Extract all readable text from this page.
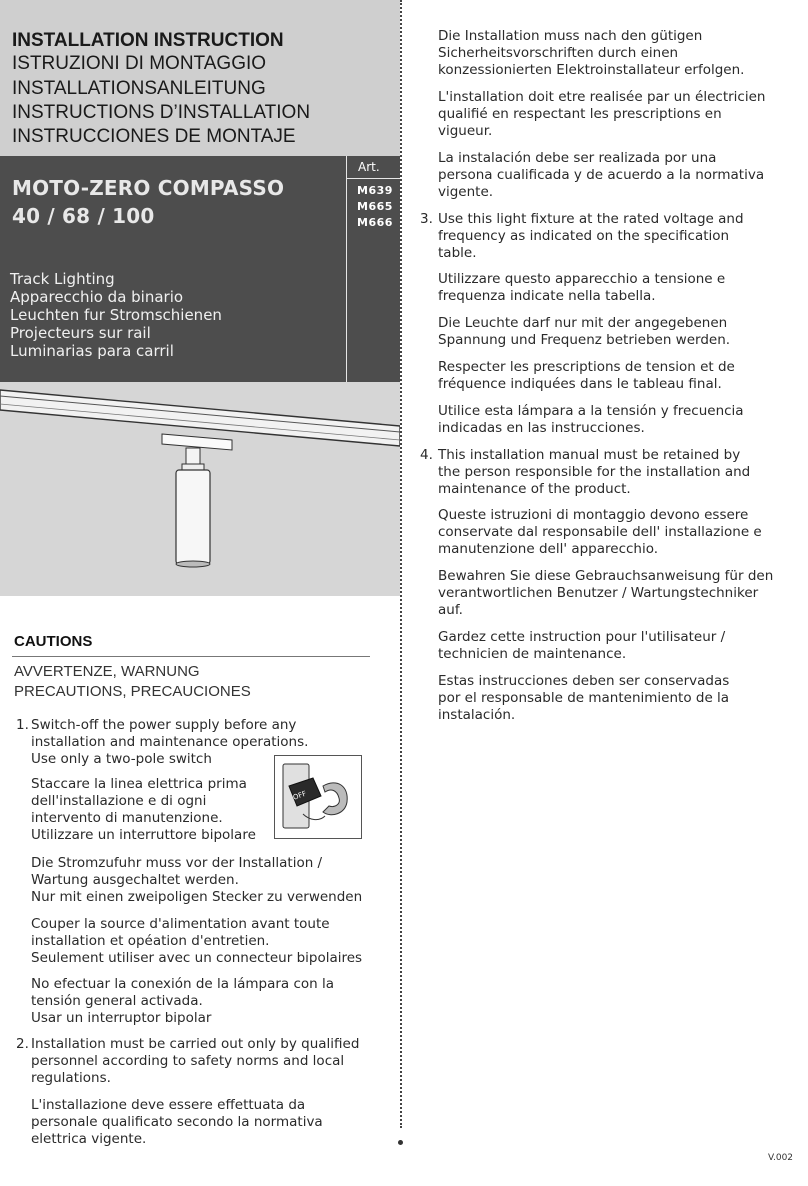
INSTALLATION INSTRUCTION
ISTRUZIONI DI MONTAGGIO
INSTALLATIONSANLEITUNG
INSTRUCTIONS D’INSTALLATION
INSTRUCCIONES DE MONTAJE
MOTO-ZERO COMPASSO
40 / 68 / 100
Art.
M639
M665
M666
Track Lighting
Apparecchio da binario
Leuchten fur Stromschienen
Projecteurs sur rail
Luminarias para carril
CAUTIONS
AVVERTENZE, WARNUNG
PRECAUTIONS, PRECAUCIONES
OFF
1. Switch-off the power supply before any
installation and maintenance operations.
Use only a two-pole switch
Staccare la linea elettrica prima
dell'installazione e di ogni
intervento di manutenzione.
Utilizzare un interruttore bipolare
Die Stromzufuhr muss vor der Installation /
Wartung ausgechaltet werden.
Nur mit einen zweipoligen Stecker zu verwenden
Couper la source d'alimentation avant toute
installation et opéation d'entretien.
Seulement utiliser avec un connecteur bipolaires
No efectuar la conexión de la lámpara con la
tensión general activada.
Usar un interruptor bipolar
2. Installation must be carried out only by qualified
personnel according to safety norms and local
regulations.
L'installazione deve essere effettuata da
personale qualificato secondo la normativa
elettrica vigente.
Die Installation muss nach den gütigen
Sicherheitsvorschriften durch einen
konzessionierten Elektroinstallateur erfolgen.
L'installation doit etre realisée par un électricien
qualifié en respectant les prescriptions en
vigueur.
La instalación debe ser realizada por una
persona cualificada y de acuerdo a la normativa
vigente.
3. Use this light fixture at the rated voltage and
frequency as indicated on the specification
table.
Utilizzare questo apparecchio a tensione e
frequenza indicate nella tabella.
Die Leuchte darf nur mit der angegebenen
Spannung und Frequenz betrieben werden.
Respecter les prescriptions de tension et de
fréquence indiquées dans le tableau final.
Utilice esta lámpara a la tensión y frecuencia
indicadas en las instrucciones.
4. This installation manual must be retained by
the person responsible for the installation and
maintenance of the product.
Queste istruzioni di montaggio devono essere
conservate dal responsabile dell' installazione e
manutenzione dell' apparecchio.
Bewahren Sie diese Gebrauchsanweisung für den
verantwortlichen Benutzer / Wartungstechniker
auf.
Gardez cette instruction pour l'utilisateur /
technicien de maintenance.
Estas instrucciones deben ser conservadas
por el responsable de mantenimiento de la
instalación.
V.002
